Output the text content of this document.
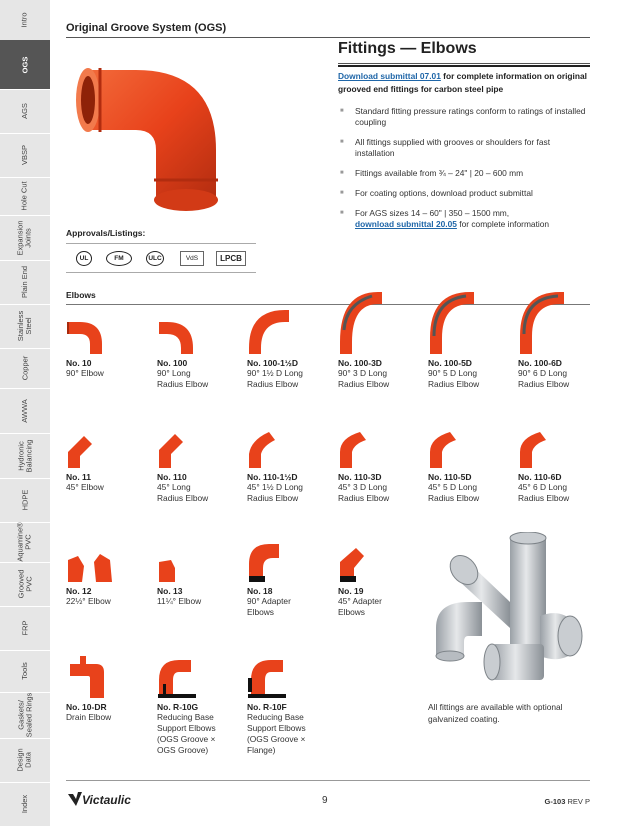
Intro
OGS
AGS
VBSP
Hole Cut
Expansion
Joints
Plain End
Stainless
Steel
Copper
AWWA
Hydronic
Balancing
HDPE
Aquamine®
PVC
Grooved
PVC
FRP
Tools
Gaskets/
Sealed Rings
Design
Data
Index
Original Groove System (OGS)
Fittings — Elbows
Download submittal 07.01 for complete information on original grooved end fittings for carbon steel pipe
■ Standard fitting pressure ratings conform to ratings of installed coupling
■ All fittings supplied with grooves or shoulders for fast installation
■ Fittings available from ¾ – 24" | 20 – 600 mm
■ For coating options, download product submittal
■ For AGS sizes 14 – 60" | 350 – 1500 mm,
download submittal 20.05 for complete information
Approvals/Listings:
UL	FM	ULC	VdS	LPCB
Elbows
No. 10
90° Elbow
No. 100
90° Long
Radius Elbow
No. 100-1½D
90° 1½ D Long
Radius Elbow
No. 100-3D
90° 3 D Long
Radius Elbow
No. 100-5D
90° 5 D Long
Radius Elbow
No. 100-6D
90° 6 D Long
Radius Elbow
No. 11
45° Elbow
No. 110
45° Long
Radius Elbow
No. 110-1½D
45° 1½ D Long
Radius Elbow
No. 110-3D
45° 3 D Long
Radius Elbow
No. 110-5D
45° 5 D Long
Radius Elbow
No. 110-6D
45° 6 D Long
Radius Elbow
No. 12
22½° Elbow
No. 13
11¼° Elbow
No. 18
90° Adapter
Elbows
No. 19
45° Adapter
Elbows
No. 10-DR
Drain Elbow
No. R-10G
Reducing Base
Support Elbows
(OGS Groove ×
OGS Groove)
No. R-10F
Reducing Base
Support Elbows
(OGS Groove ×
Flange)
All fittings are available with optional galvanized coating.
Victaulic	9	G-103 REV P
